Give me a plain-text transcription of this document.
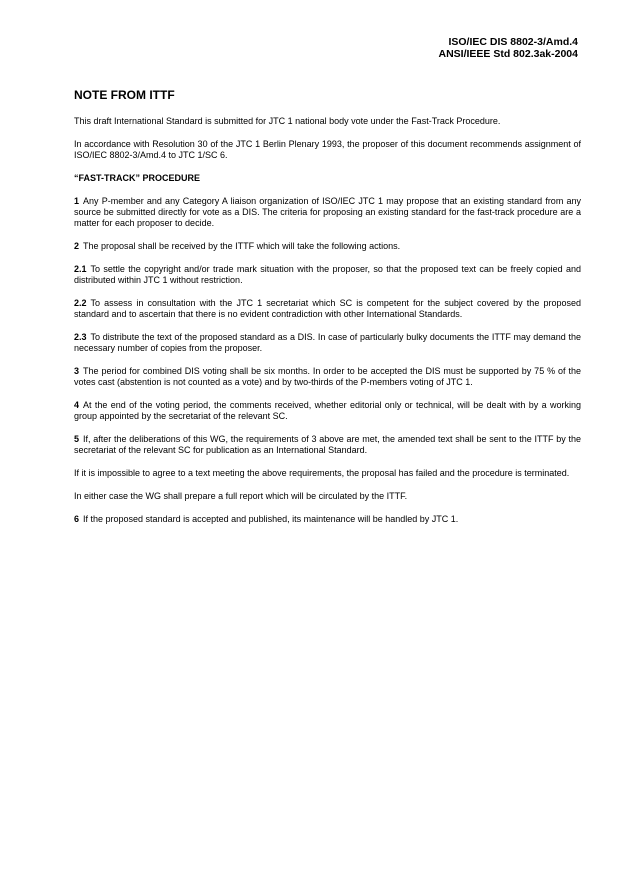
ISO/IEC DIS 8802-3/Amd.4
ANSI/IEEE Std 802.3ak-2004
NOTE FROM ITTF

This draft International Standard is submitted for JTC 1 national body vote under the Fast-Track Procedure.

In accordance with Resolution 30 of the JTC 1 Berlin Plenary 1993, the proposer of this document recommends assignment of ISO/IEC 8802-3/Amd.4 to JTC 1/SC 6.

“FAST-TRACK” PROCEDURE

1 Any P-member and any Category A liaison organization of ISO/IEC JTC 1 may propose that an existing standard from any source be submitted directly for vote as a DIS. The criteria for proposing an existing standard for the fast-track procedure are a matter for each proposer to decide.

2 The proposal shall be received by the ITTF which will take the following actions.

2.1 To settle the copyright and/or trade mark situation with the proposer, so that the proposed text can be freely copied and distributed within JTC 1 without restriction.

2.2 To assess in consultation with the JTC 1 secretariat which SC is competent for the subject covered by the proposed standard and to ascertain that there is no evident contradiction with other International Standards.

2.3 To distribute the text of the proposed standard as a DIS. In case of particularly bulky documents the ITTF may demand the necessary number of copies from the proposer.

3 The period for combined DIS voting shall be six months. In order to be accepted the DIS must be supported by 75 % of the votes cast (abstention is not counted as a vote) and by two-thirds of the P-members voting of JTC 1.

4 At the end of the voting period, the comments received, whether editorial only or technical, will be dealt with by a working group appointed by the secretariat of the relevant SC.

5 If, after the deliberations of this WG, the requirements of 3 above are met, the amended text shall be sent to the ITTF by the secretariat of the relevant SC for publication as an International Standard.

If it is impossible to agree to a text meeting the above requirements, the proposal has failed and the procedure is terminated.

In either case the WG shall prepare a full report which will be circulated by the ITTF.

6 If the proposed standard is accepted and published, its maintenance will be handled by JTC 1.
